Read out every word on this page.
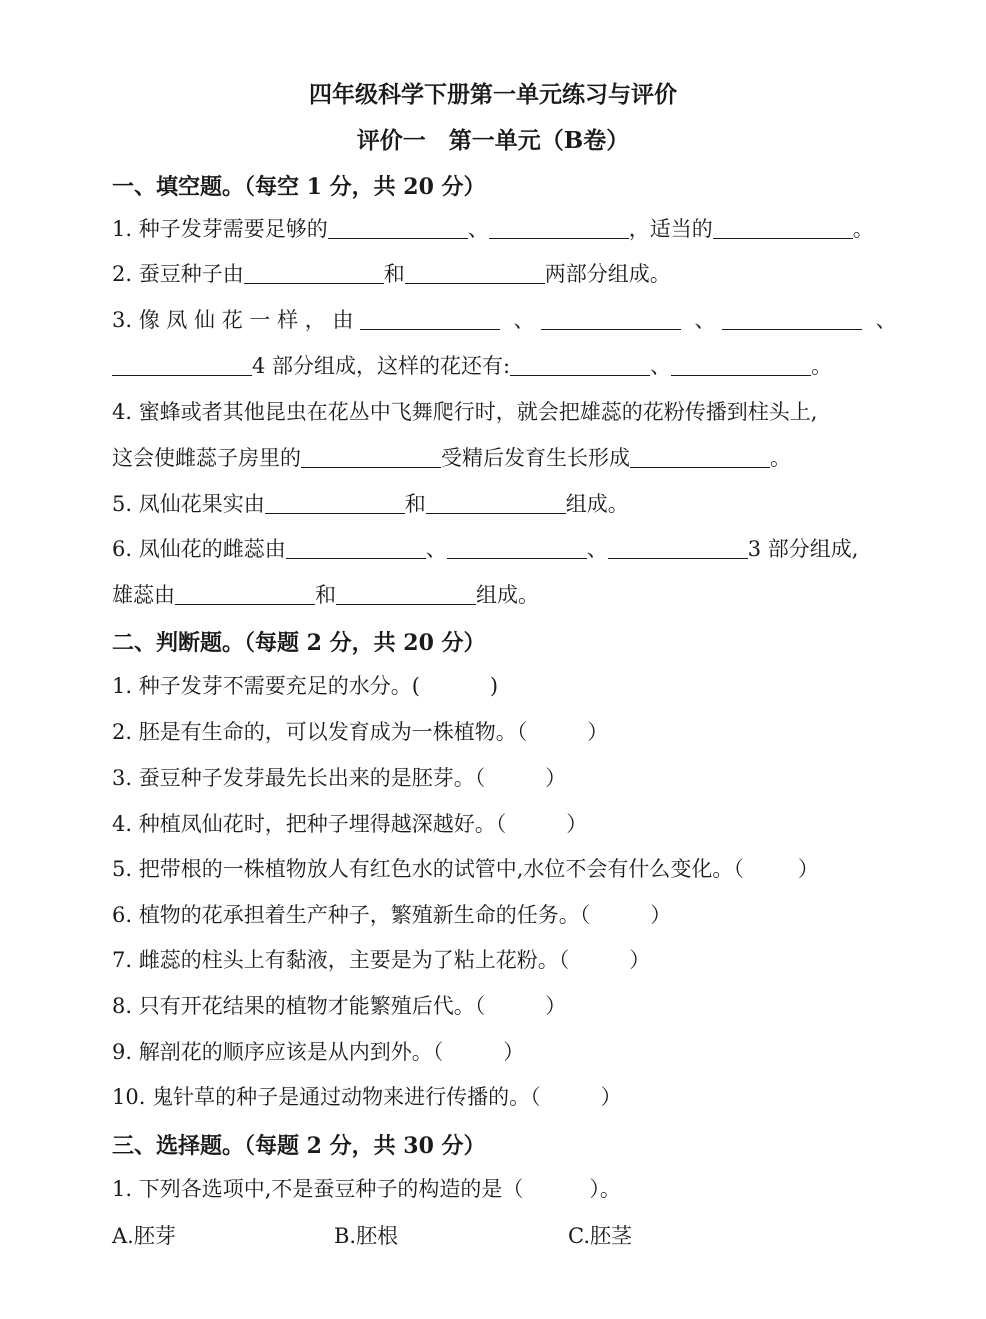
四年级科学下册第一单元练习与评价
评价一　第一单元（B卷）
一、填空题。（每空 1 分，共 20 分）
1. 种子发芽需要足够的	、	，适当的	。
2. 蚕豆种子由	和	两部分组成。
3. 像 凤 仙 花 一 样 ， 由	、	、	、
4 部分组成，这样的花还有:	、	。
4. 蜜蜂或者其他昆虫在花丛中飞舞爬行时，就会把雄蕊的花粉传播到柱头上,
这会使雌蕊子房里的	受精后发育生长形成	。
5. 凤仙花果实由	和	组成。
6. 凤仙花的雌蕊由	、	、	3 部分组成,
雄蕊由	和	组成。
二、判断题。（每题 2 分，共 20 分）
1. 种子发芽不需要充足的水分。(	)
2. 胚是有生命的，可以发育成为一株植物。（	）
3. 蚕豆种子发芽最先长出来的是胚芽。（	）
4. 种植凤仙花时，把种子埋得越深越好。（	）
5. 把带根的一株植物放人有红色水的试管中,水位不会有什么变化。（	）
6. 植物的花承担着生产种子，繁殖新生命的任务。（	）
7. 雌蕊的柱头上有黏液，主要是为了粘上花粉。（	）
8. 只有开花结果的植物才能繁殖后代。（	）
9. 解剖花的顺序应该是从内到外。（	）
10. 鬼针草的种子是通过动物来进行传播的。（	）
三、选择题。（每题 2 分，共 30 分）
1. 下列各选项中,不是蚕豆种子的构造的是（	）。
A.胚芽	B.胚根	C.胚茎
